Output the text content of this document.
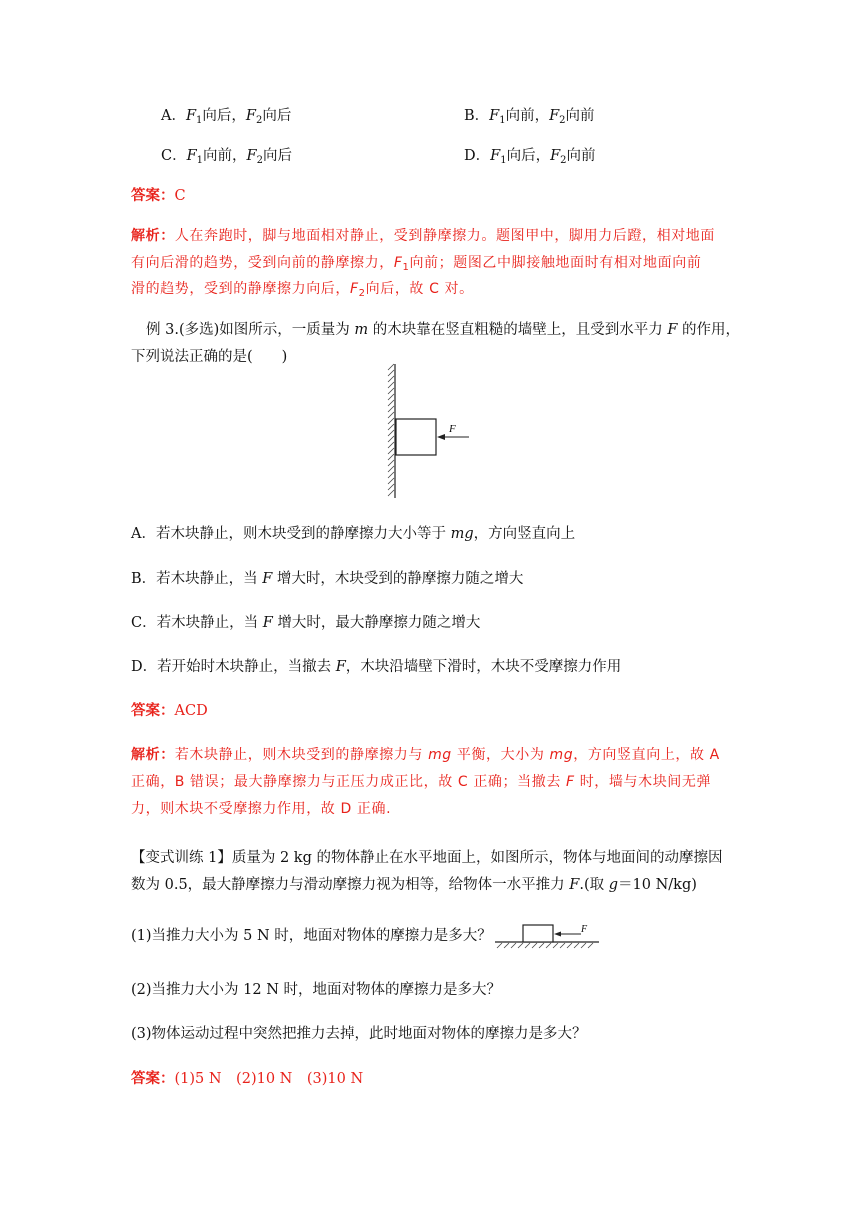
A．$F_1$向后，$F_2$向后	B．$F_1$向前，$F_2$向前
C．$F_1$向前，$F_2$向后	D．$F_1$向后，$F_2$向前
答案：C
解析：人在奔跑时，脚与地面相对静止，受到静摩擦力。题图甲中，脚用力后蹬，相对地面
有向后滑的趋势，受到向前的静摩擦力，$F_1$向前；题图乙中脚接触地面时有相对地面向前
滑的趋势，受到的静摩擦力向后，$F_2$向后，故 C 对。
例 3.(多选)如图所示，一质量为 m 的木块靠在竖直粗糙的墙壁上，且受到水平力 F 的作用，
下列说法正确的是(　　)
F
A．若木块静止，则木块受到的静摩擦力大小等于 mg，方向竖直向上
B．若木块静止，当 F 增大时，木块受到的静摩擦力随之增大
C．若木块静止，当 F 增大时，最大静摩擦力随之增大
D．若开始时木块静止，当撤去 F，木块沿墙壁下滑时，木块不受摩擦力作用
答案：ACD
解析：若木块静止，则木块受到的静摩擦力与 mg 平衡，大小为 mg，方向竖直向上，故 A
正确，B 错误；最大静摩擦力与正压力成正比，故 C 正确；当撤去 F 时，墙与木块间无弹
力，则木块不受摩擦力作用，故 D 正确.
【变式训练 1】质量为 2 kg 的物体静止在水平地面上，如图所示，物体与地面间的动摩擦因
数为 0.5，最大静摩擦力与滑动摩擦力视为相等，给物体一水平推力 F.(取 g＝10 N/kg)
(1)当推力大小为 5 N 时，地面对物体的摩擦力是多大？	F
(2)当推力大小为 12 N 时，地面对物体的摩擦力是多大？
(3)物体运动过程中突然把推力去掉，此时地面对物体的摩擦力是多大？
答案：(1)5 N　(2)10 N　(3)10 N
